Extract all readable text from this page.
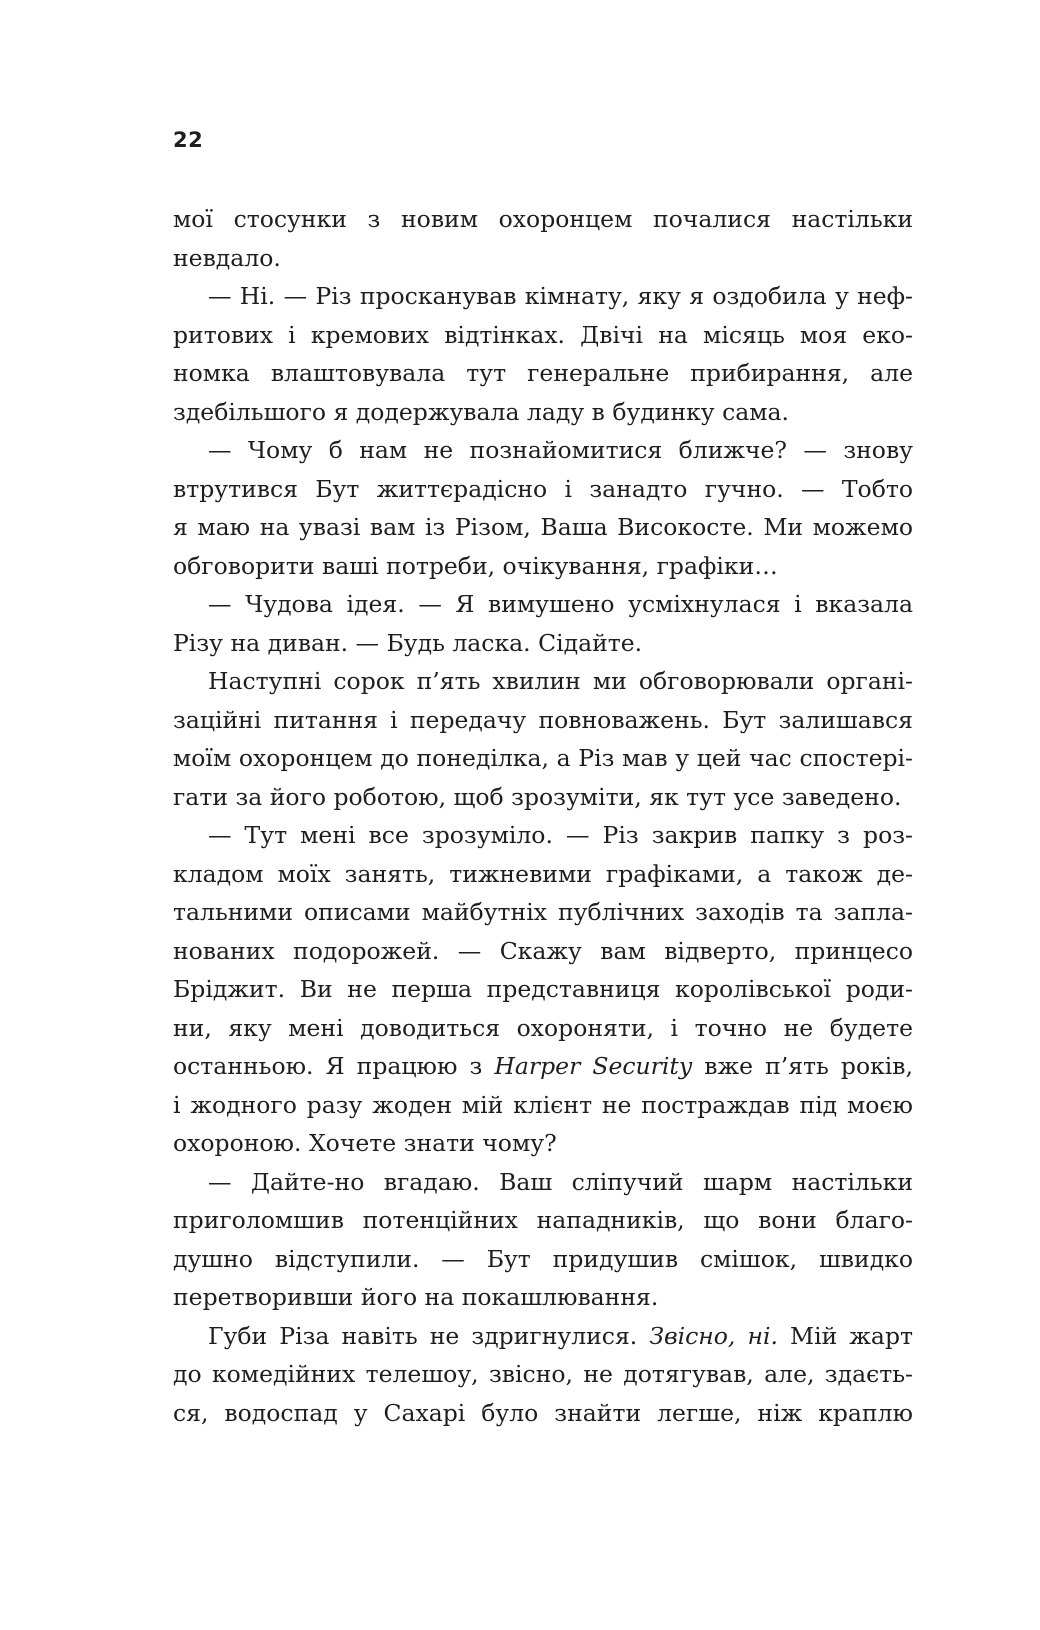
22
мої стосунки з новим охоронцем почалися настільки
невдало.
— Ні. — Різ просканував кімнату, яку я оздобила у неф-
ритових і кремових відтінках. Двічі на місяць моя еко-
номка влаштовувала тут генеральне прибирання, але
здебільшого я додержувала ладу в будинку сама.
— Чому б нам не познайомитися ближче? — знову
втрутився Бут життєрадісно і занадто гучно. — Тобто
я маю на увазі вам із Різом, Ваша Високосте. Ми можемо
обговорити ваші потреби, очікування, графіки…
— Чудова ідея. — Я вимушено усміхнулася і вказала
Різу на диван. — Будь ласка. Сідайте.
Наступні сорок п’ять хвилин ми обговорювали органі-
заційні питання і передачу повноважень. Бут залишався
моїм охоронцем до понеділка, а Різ мав у цей час спостері-
гати за його роботою, щоб зрозуміти, як тут усе заведено.
— Тут мені все зрозуміло. — Різ закрив папку з роз-
кладом моїх занять, тижневими графіками, а також де-
тальними описами майбутніх публічних заходів та запла-
нованих подорожей. — Скажу вам відверто, принцесо
Бріджит. Ви не перша представниця королівської роди-
ни, яку мені доводиться охороняти, і точно не будете
останньою. Я працюю з Harper Security вже п’ять років,
і жодного разу жоден мій клієнт не постраждав під моєю
охороною. Хочете знати чому?
— Дайте-но вгадаю. Ваш сліпучий шарм настільки
приголомшив потенційних нападників, що вони благо-
душно відступили. — Бут придушив смішок, швидко
перетворивши його на покашлювання.
Губи Різа навіть не здригнулися. Звісно, ні. Мій жарт
до комедійних телешоу, звісно, не дотягував, але, здаєть-
ся, водоспад у Сахарі було знайти легше, ніж краплю
